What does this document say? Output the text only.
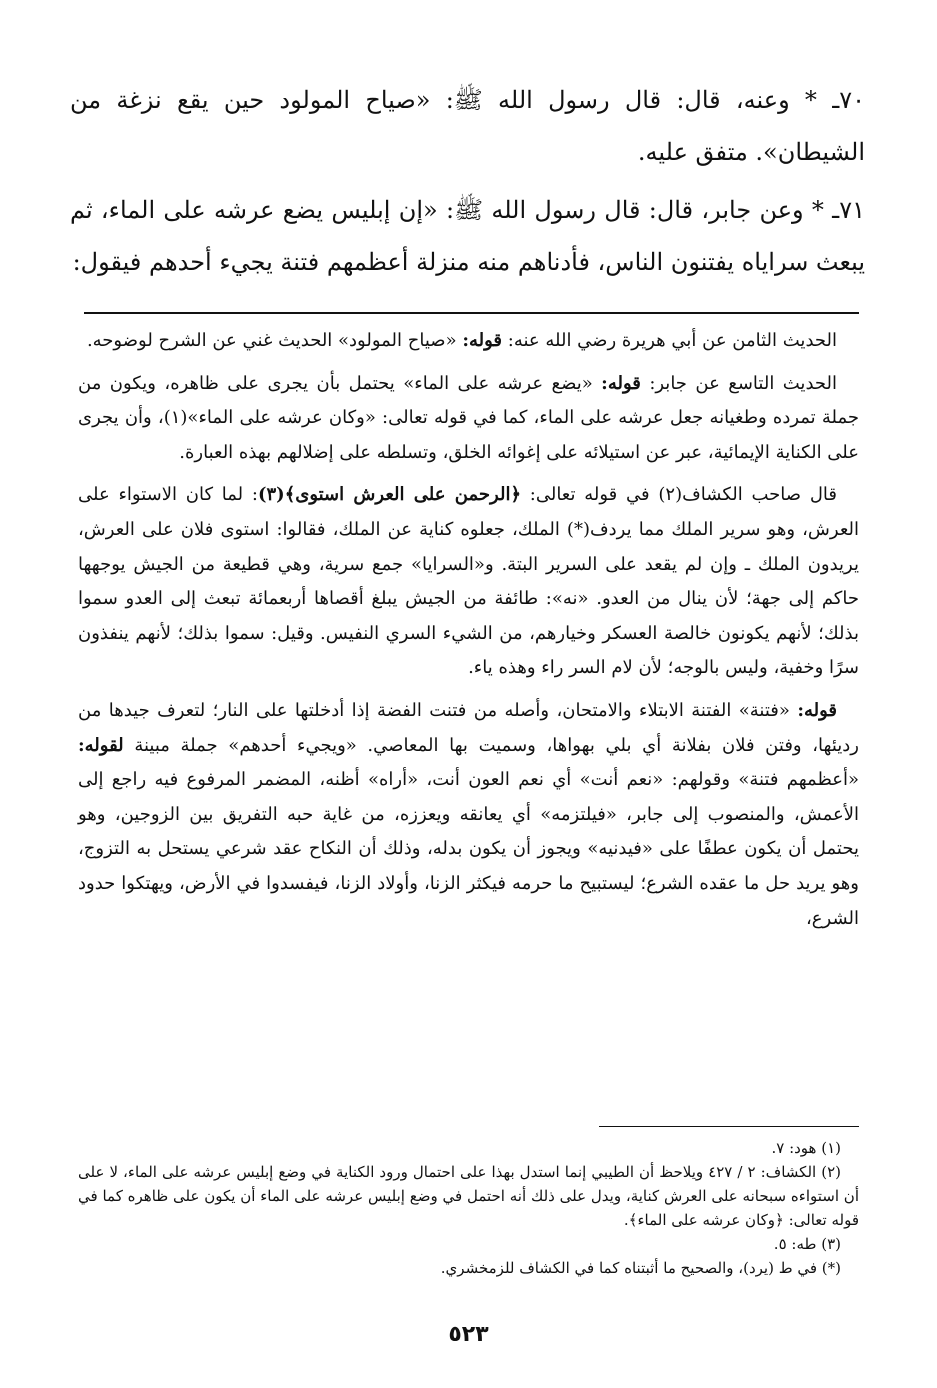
٧٠ـ * وعنه، قال: قال رسول الله ﷺ: «صياح المولود حين يقع نزغة من الشيطان». متفق عليه.
٧١ـ * وعن جابر، قال: قال رسول الله ﷺ: «إن إبليس يضع عرشه على الماء، ثم يبعث سراياه يفتنون الناس، فأدناهم منه منزلة أعظمهم فتنة يجيء أحدهم فيقول:

الحديث الثامن عن أبي هريرة رضي الله عنه: قوله: «صياح المولود» الحديث غني عن الشرح لوضوحه.

الحديث التاسع عن جابر: قوله: «يضع عرشه على الماء» يحتمل بأن يجرى على ظاهره، ويكون من جملة تمرده وطغيانه جعل عرشه على الماء، كما في قوله تعالى: «وكان عرشه على الماء»(١)، وأن يجرى على الكناية الإيمائية، عبر عن استيلائه على إغوائه الخلق، وتسلطه على إضلالهم بهذه العبارة.

قال صاحب الكشاف(٢) في قوله تعالى: ﴿الرحمن على العرش استوى﴾(٣): لما كان الاستواء على العرش، وهو سرير الملك مما يردف(*) الملك، جعلوه كناية عن الملك، فقالوا: استوى فلان على العرش، يريدون الملك ـ وإن لم يقعد على السرير البتة. و«السرايا» جمع سرية، وهي قطيعة من الجيش يوجهها حاكم إلى جهة؛ لأن ينال من العدو. «نه»: طائفة من الجيش يبلغ أقصاها أربعمائة تبعث إلى العدو سموا بذلك؛ لأنهم يكونون خالصة العسكر وخيارهم، من الشيء السري النفيس. وقيل: سموا بذلك؛ لأنهم ينفذون سرًا وخفية، وليس بالوجه؛ لأن لام السر راء وهذه ياء.

قوله: «فتنة» الفتنة الابتلاء والامتحان، وأصله من فتنت الفضة إذا أدخلتها على النار؛ لتعرف جيدها من رديئها، وفتن فلان بفلانة أي بلي بهواها، وسميت بها المعاصي. «ويجيء أحدهم» جملة مبينة لقوله: «أعظمهم فتنة» وقولهم: «نعم أنت» أي نعم العون أنت، «أراه» أظنه، المضمر المرفوع فيه راجع إلى الأعمش، والمنصوب إلى جابر، «فيلتزمه» أي يعانقه ويعززه، من غاية حبه التفريق بين الزوجين، وهو يحتمل أن يكون عطفًا على «فيدنيه» ويجوز أن يكون بدله، وذلك أن النكاح عقد شرعي يستحل به التزوج، وهو يريد حل ما عقده الشرع؛ ليستبيح ما حرمه فيكثر الزنا، وأولاد الزنا، فيفسدوا في الأرض، ويهتكوا حدود الشرع،

(١) هود: ٧.

(٢) الكشاف: ٢ / ٤٢٧ ويلاحظ أن الطيبي إنما استدل بهذا على احتمال ورود الكناية في وضع إبليس عرشه على الماء، لا على أن استواءه سبحانه على العرش كناية، ويدل على ذلك أنه احتمل في وضع إبليس عرشه على الماء أن يكون على ظاهره كما في قوله تعالى: ﴿وكان عرشه على الماء﴾.

(٣) طه: ٥.

(*) في ط (يرد)، والصحيح ما أثبتناه كما في الكشاف للزمخشري.

٥٢٣
